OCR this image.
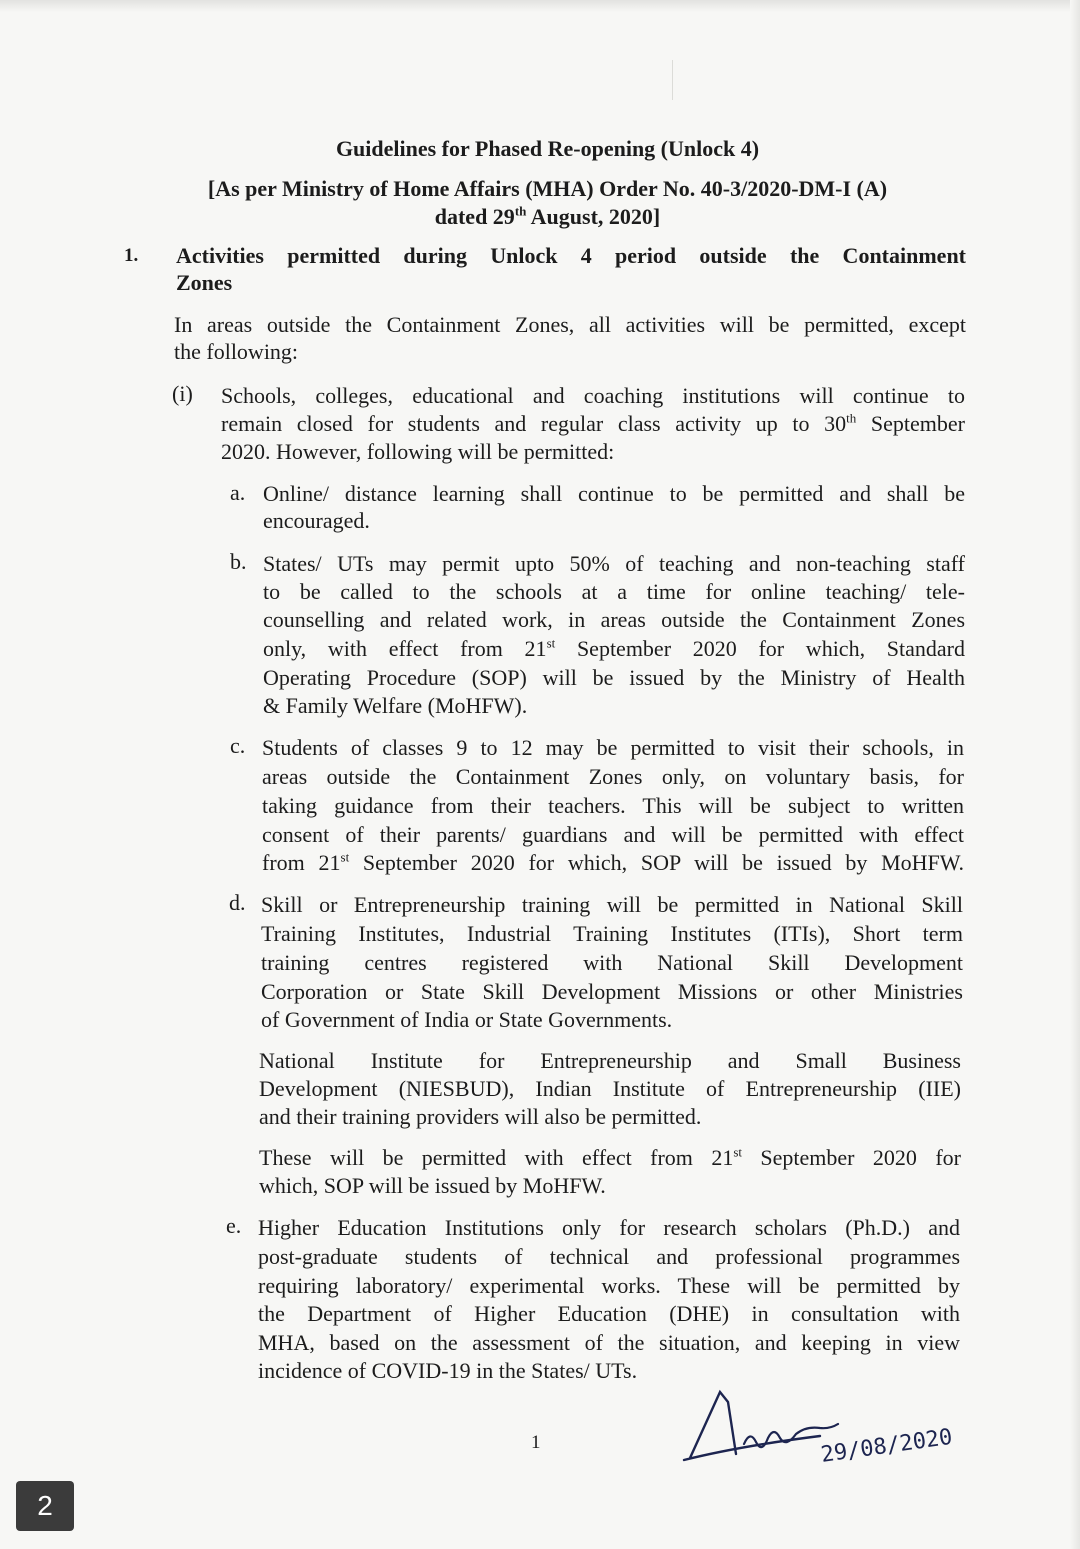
Guidelines for Phased Re-opening (Unlock 4)
[As per Ministry of Home Affairs (MHA) Order No. 40-3/2020-DM-I (A)
dated 29th August, 2020]
1. Activities permitted during Unlock 4 period outside the Containment
Zones
In areas outside the Containment Zones, all activities will be permitted, except
the following:
(i) Schools, colleges, educational and coaching institutions will continue to
remain closed for students and regular class activity up to 30th September
2020. However, following will be permitted:
a. Online/ distance learning shall continue to be permitted and shall be
encouraged.
b. States/ UTs may permit upto 50% of teaching and non-teaching staff
to be called to the schools at a time for online teaching/ tele-
counselling and related work, in areas outside the Containment Zones
only, with effect from 21st September 2020 for which, Standard
Operating Procedure (SOP) will be issued by the Ministry of Health
& Family Welfare (MoHFW).
c. Students of classes 9 to 12 may be permitted to visit their schools, in
areas outside the Containment Zones only, on voluntary basis, for
taking guidance from their teachers. This will be subject to written
consent of their parents/ guardians and will be permitted with effect
from 21st September 2020 for which, SOP will be issued by MoHFW.
d. Skill or Entrepreneurship training will be permitted in National Skill
Training Institutes, Industrial Training Institutes (ITIs), Short term
training centres registered with National Skill Development
Corporation or State Skill Development Missions or other Ministries
of Government of India or State Governments.
National Institute for Entrepreneurship and Small Business
Development (NIESBUD), Indian Institute of Entrepreneurship (IIE)
and their training providers will also be permitted.
These will be permitted with effect from 21st September 2020 for
which, SOP will be issued by MoHFW.
e. Higher Education Institutions only for research scholars (Ph.D.) and
post-graduate students of technical and professional programmes
requiring laboratory/ experimental works. These will be permitted by
the Department of Higher Education (DHE) in consultation with
MHA, based on the assessment of the situation, and keeping in view
incidence of COVID-19 in the States/ UTs.
1	29/08/2020
2
